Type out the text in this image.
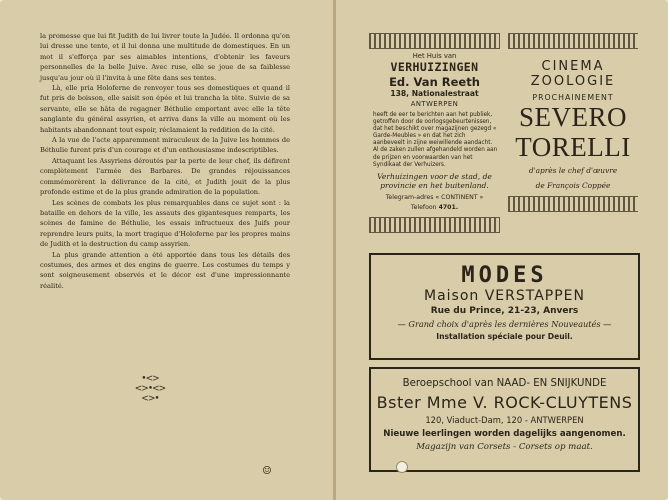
la promesse que lui fit Judith de lui livrer toute la Judée. Il ordonna qu'on lui dresse une tente, et il lui donna une multitude de domestiques. En un mot il s'efforça par ses aimables intentions, d'obtenir les faveurs personnelles de la belle Juive. Avec ruse, elle se joue de sa faiblesse jusqu'au jour où il l'invita à une fête dans ses tentes.

Là, elle pria Holoferne de renvoyer tous ses domestiques et quand il fut pris de boisson, elle saisit son épée et lui trancha la tête. Suivie de sa servante, elle se hâta de regagner Béthulie emportant avec elle la tête sanglante du général assyrien, et arriva dans la ville au moment où les habitants abandonnant tout espoir, réclamaient la reddition de la cité.

A la vue de l'acte apparemment miraculeux de la Juive les hommes de Béthulie furent pris d'un courage et d'un enthousiasme indescriptibles.

Attaquant les Assyriens déroutés par la perte de leur chef, ils défirent complètement l'armée des Barbares. De grandes réjouissances commémorèrent la délivrance de la cité, et Judith jouit de la plus profonde estime et de la plus grande admiration de la population.

Les scènes de combats les plus remarquables dans ce sujet sont : la bataille en dehors de la ville, les assauts des gigantesques remparts, les scènes de famine de Béthulie, les essais infructueux des Juifs pour reprendre leurs puits, la mort tragique d'Holoferne par les propres mains de Judith et la destruction du camp assyrien.

La plus grande attention a été apportée dans tous les détails des costumes, des armes et des engins de guerre. Les costumes du temps y sont soigneusement observés et le décor est d'une impressionnante réalité.

•<><>•<><>•
☺
Het Huis van
VERHUIZINGEN
Ed. Van Reeth
138, Nationalestraat
ANTWERPEN
heeft de eer te berichten aan het publiek, getroffen door de oorlogsgebeurtenissen, dat het beschikt over magazijnen gezegd « Garde-Meubles » en dat het zich aanbeveelt in zijne weiwillende aandacht. Al de zaken zullen afgehandeld worden aan de prijzen en voorwaarden van het Syndikaat der Verhuizers.
Verhuizingen voor de stad, de provincie en het buitenland.
Telegram-adres « CONTINENT »
Telefoon 4701.
CINEMA
ZOOLOGIE
PROCHAINEMENT
SEVERO
TORELLI
d'après le chef d'œuvre
de François Coppée
MODES
Maison VERSTAPPEN
Rue du Prince, 21-23, Anvers
— Grand choix d'après les dernières Nouveautés —
Installation spéciale pour Deuil.
Beroepschool van NAAD- EN SNIJKUNDE
Bster Mme V. ROCK-CLUYTENS
120, Viaduct-Dam, 120 - ANTWERPEN
Nieuwe leerlingen worden dagelijks aangenomen.
Magazijn van Corsets - Corsets op maat.
